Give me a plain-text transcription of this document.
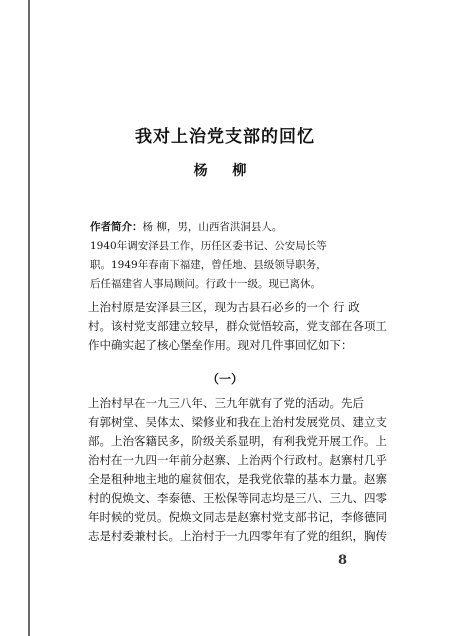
我对上治党支部的回忆
杨 柳

作者简介：杨 柳，男，山西省洪洞县人。

1940年调安泽县工作，历任区委书记、公安局长等

职。1949年春南下福建，曾任地、县级领导职务，

后任福建省人事局顾问。行政十一级。现已离休。

上治村原是安泽县三区，现为古县石必乡的一个 行 政
村。该村党支部建立较早，群众觉悟较高，党支部在各项工
作中确实起了核心堡垒作用。现对几件事回忆如下：
（一）
上治村早在一九三八年、三九年就有了党的活动。先后
有郭树堂、吴体太、梁修业和我在上治村发展党员、建立支
部。上治客籍民多，阶级关系显明，有利我党开展工作。上
治村在一九四一年前分赵寨、上治两个行政村。赵寨村几乎
全是租种地主地的雇贫佃农，是我党依靠的基本力量。赵寨
村的倪焕文、李泰德、王松保等同志均是三八、三九、四零
年时候的党员。倪焕文同志是赵寨村党支部书记，李修德同
志是村委兼村长。上治村于一九四零年有了党的组织，胸传
8
